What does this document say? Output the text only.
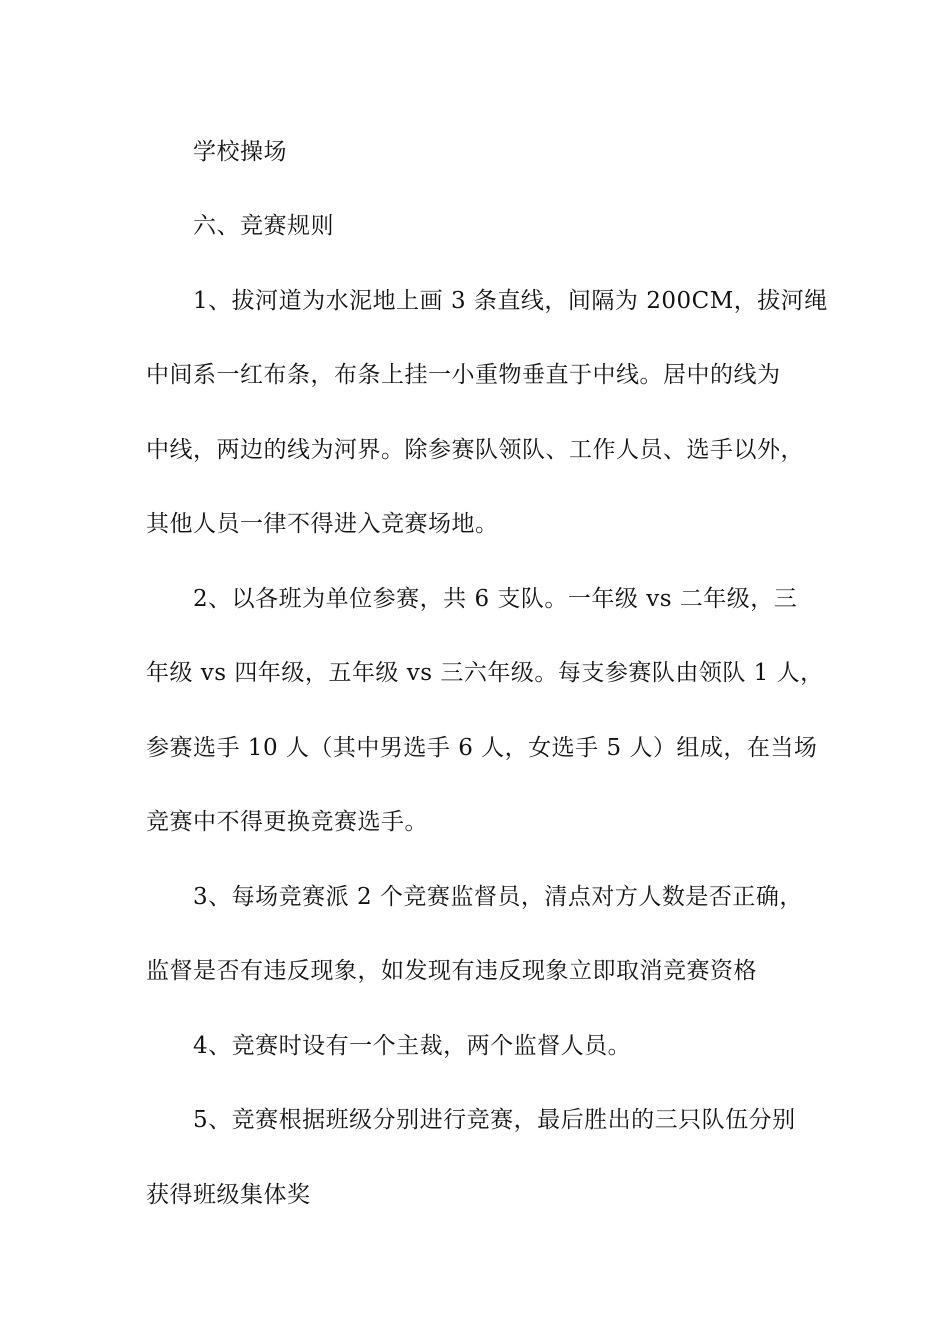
学校操场
六、竞赛规则
1、拔河道为水泥地上画 3 条直线，间隔为 200CM，拔河绳
中间系一红布条，布条上挂一小重物垂直于中线。居中的线为
中线，两边的线为河界。除参赛队领队、工作人员、选手以外，
其他人员一律不得进入竞赛场地。
2、以各班为单位参赛，共 6 支队。一年级 vs 二年级，三
年级 vs 四年级，五年级 vs 三六年级。每支参赛队由领队 1 人，
参赛选手 10 人（其中男选手 6 人，女选手 5 人）组成，在当场
竞赛中不得更换竞赛选手。
3、每场竞赛派 2 个竞赛监督员，清点对方人数是否正确，
监督是否有违反现象，如发现有违反现象立即取消竞赛资格
4、竞赛时设有一个主裁，两个监督人员。
5、竞赛根据班级分别进行竞赛，最后胜出的三只队伍分别
获得班级集体奖
